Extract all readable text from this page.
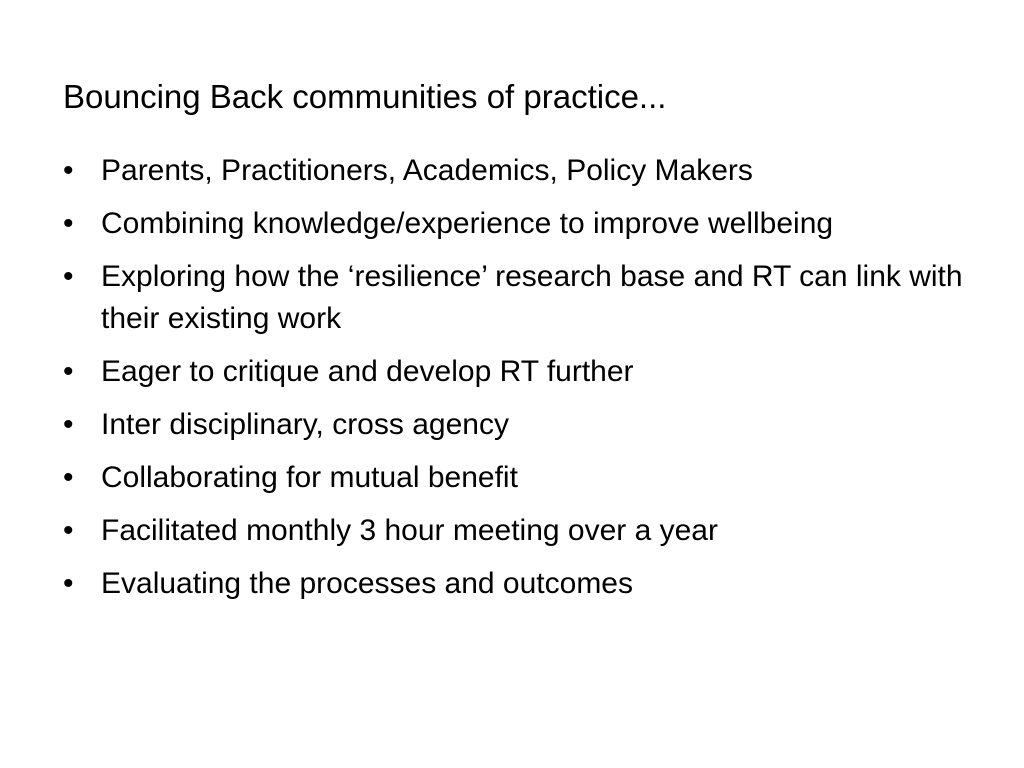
Bouncing Back communities of practice...
• Parents, Practitioners, Academics, Policy Makers
• Combining knowledge/experience to improve wellbeing
• Exploring how the ‘resilience’ research base and RT can link with their existing work
• Eager to critique and develop RT further
• Inter disciplinary, cross agency
• Collaborating for mutual benefit
• Facilitated monthly 3 hour meeting over a year
• Evaluating the processes and outcomes
